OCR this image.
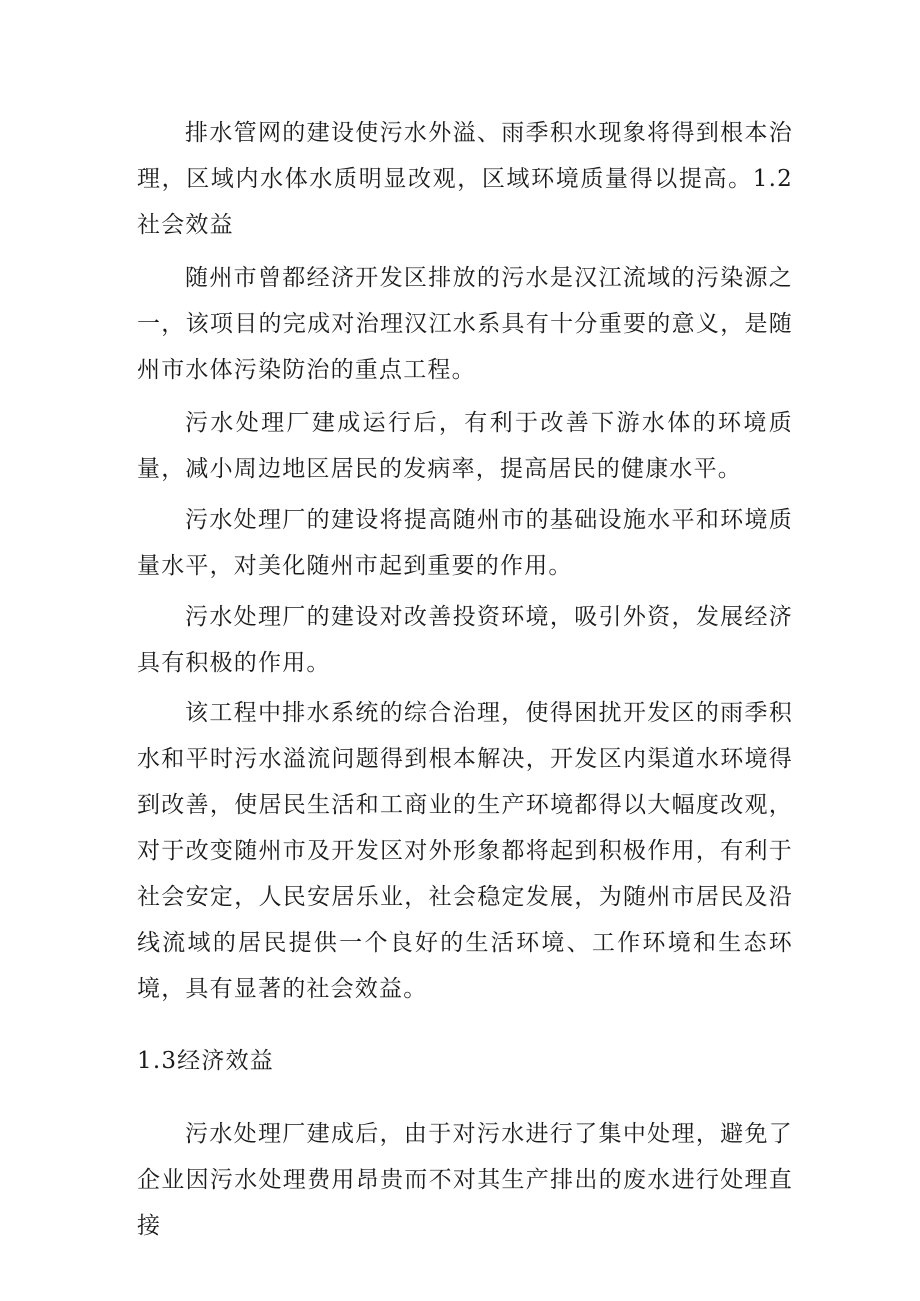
排水管网的建设使污水外溢、雨季积水现象将得到根本治理，区域内水体水质明显改观，区域环境质量得以提高。1.2社会效益

随州市曾都经济开发区排放的污水是汉江流域的污染源之一，该项目的完成对治理汉江水系具有十分重要的意义，是随州市水体污染防治的重点工程。

污水处理厂建成运行后，有利于改善下游水体的环境质量，减小周边地区居民的发病率，提高居民的健康水平。

污水处理厂的建设将提高随州市的基础设施水平和环境质量水平，对美化随州市起到重要的作用。

污水处理厂的建设对改善投资环境，吸引外资，发展经济具有积极的作用。

该工程中排水系统的综合治理，使得困扰开发区的雨季积水和平时污水溢流问题得到根本解决，开发区内渠道水环境得到改善，使居民生活和工商业的生产环境都得以大幅度改观，对于改变随州市及开发区对外形象都将起到积极作用，有利于社会安定，人民安居乐业，社会稳定发展，为随州市居民及沿线流域的居民提供一个良好的生活环境、工作环境和生态环境，具有显著的社会效益。

1.3经济效益

污水处理厂建成后，由于对污水进行了集中处理，避免了企业因污水处理费用昂贵而不对其生产排出的废水进行处理直接
